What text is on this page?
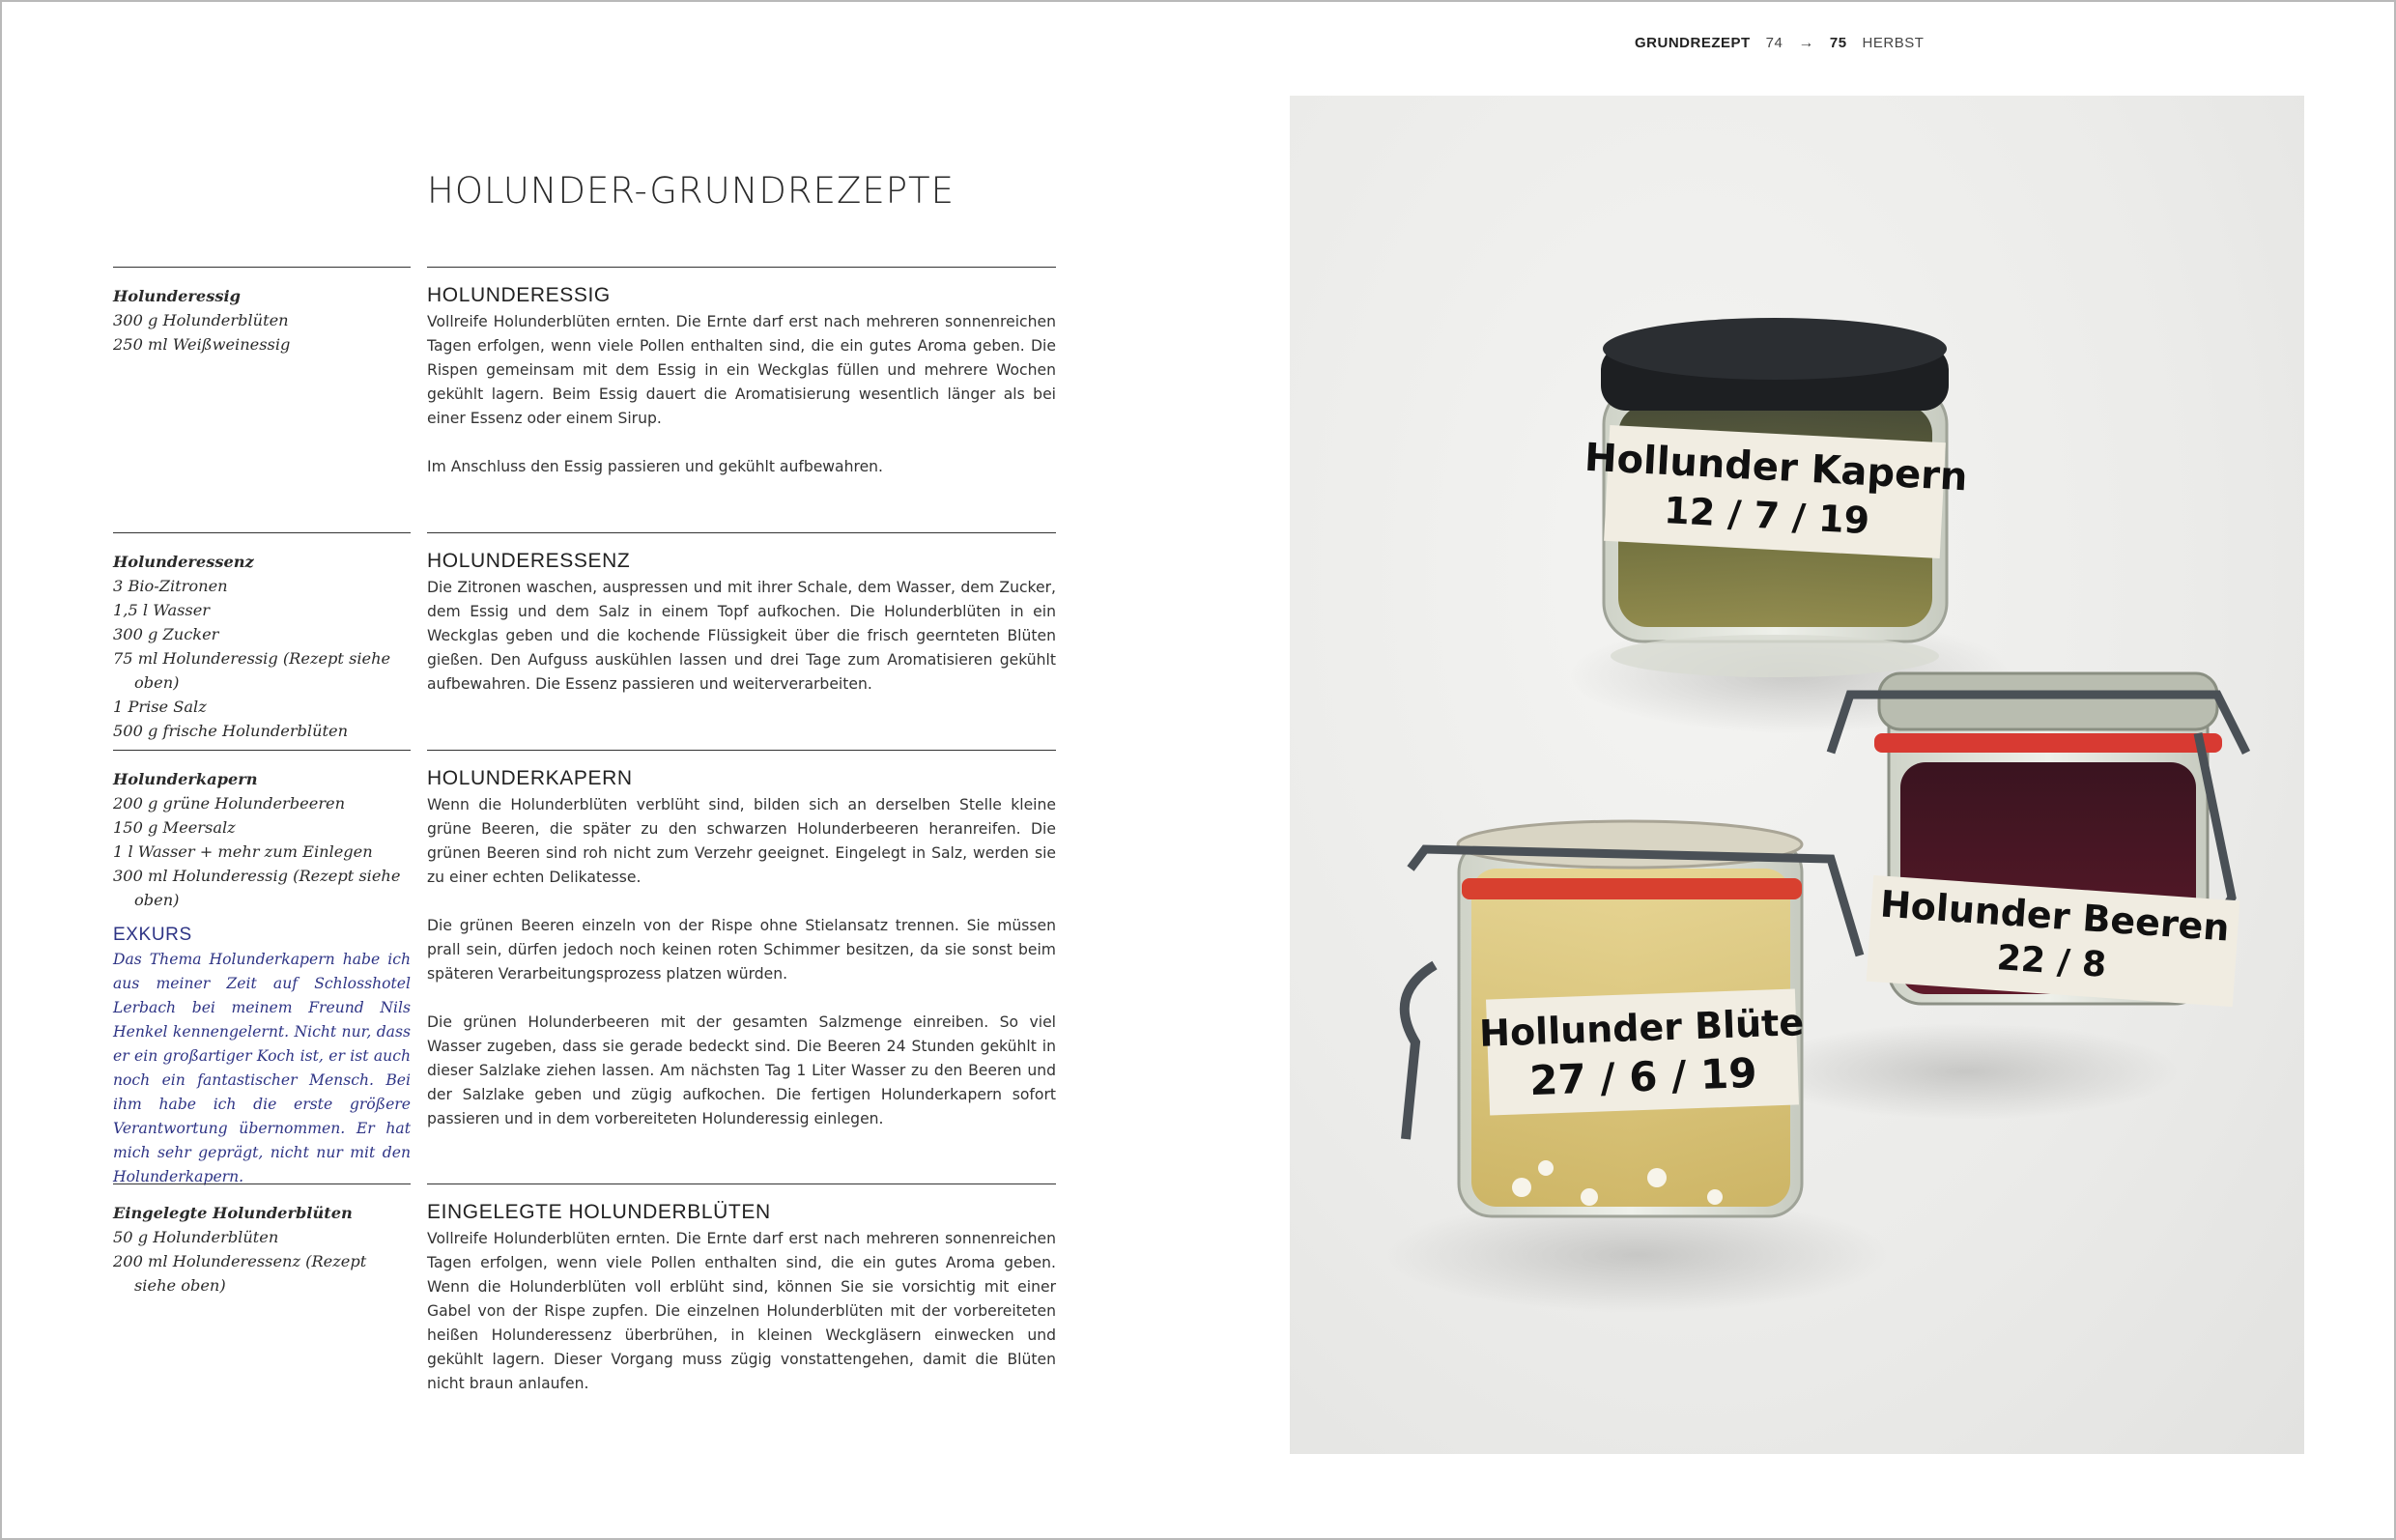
GRUNDREZEPT 74 → 75 HERBST
HOLUNDER-GRUNDREZEPTE
Holunderessig
300 g Holunderblüten
250 ml Weißweinessig
HOLUNDERESSIG

Vollreife Holunderblüten ernten. Die Ernte darf erst nach mehreren sonnenreichen Tagen erfolgen, wenn viele Pollen enthalten sind, die ein gutes Aroma geben. Die Rispen gemeinsam mit dem Essig in ein Weckglas füllen und mehrere Wochen gekühlt lagern. Beim Essig dauert die Aromatisierung wesentlich länger als bei einer Essenz oder einem Sirup.

Im Anschluss den Essig passieren und gekühlt aufbewahren.

Holunderessenz
3 Bio-Zitronen
1,5 l Wasser
300 g Zucker
75 ml Holunderessig (Rezept siehe oben)
1 Prise Salz
500 g frische Holunderblüten
HOLUNDERESSENZ

Die Zitronen waschen, auspressen und mit ihrer Schale, dem Wasser, dem Zucker, dem Essig und dem Salz in einem Topf aufkochen. Die Holunderblüten in ein Weckglas geben und die kochende Flüssigkeit über die frisch geernteten Blüten gießen. Den Aufguss auskühlen lassen und drei Tage zum Aromatisieren gekühlt aufbewahren. Die Essenz passieren und weiterverarbeiten.

Holunderkapern
200 g grüne Holunderbeeren
150 g Meersalz
1 l Wasser + mehr zum Einlegen
300 ml Holunderessig (Rezept siehe oben)
HOLUNDERKAPERN

Wenn die Holunderblüten verblüht sind, bilden sich an derselben Stelle kleine grüne Beeren, die später zu den schwarzen Holunderbeeren heranreifen. Die grünen Beeren sind roh nicht zum Verzehr geeignet. Eingelegt in Salz, werden sie zu einer echten Delikatesse.

Die grünen Beeren einzeln von der Rispe ohne Stielansatz trennen. Sie müssen prall sein, dürfen jedoch noch keinen roten Schimmer besitzen, da sie sonst beim späteren Verarbeitungsprozess platzen würden.

Die grünen Holunderbeeren mit der gesamten Salzmenge einreiben. So viel Wasser zugeben, dass sie gerade bedeckt sind. Die Beeren 24 Stunden gekühlt in dieser Salzlake ziehen lassen. Am nächsten Tag 1 Liter Wasser zu den Beeren und der Salzlake geben und zügig aufkochen. Die fertigen Holunderkapern sofort passieren und in dem vorbereiteten Holunderessig einlegen.

EXKURS
Das Thema Holunderkapern habe ich aus meiner Zeit auf Schlosshotel Lerbach bei meinem Freund Nils Henkel kennengelernt. Nicht nur, dass er ein großartiger Koch ist, er ist auch noch ein fantastischer Mensch. Bei ihm habe ich die erste größere Verantwortung übernommen. Er hat mich sehr geprägt, nicht nur mit den Holunderkapern.
Eingelegte Holunderblüten
50 g Holunderblüten
200 ml Holunderessenz (Rezept siehe oben)
EINGELEGTE HOLUNDERBLÜTEN

Vollreife Holunderblüten ernten. Die Ernte darf erst nach mehreren sonnenreichen Tagen erfolgen, wenn viele Pollen enthalten sind, die ein gutes Aroma geben. Wenn die Holunderblüten voll erblüht sind, können Sie sie vorsichtig mit einer Gabel von der Rispe zupfen. Die einzelnen Holunderblüten mit der vorbereiteten heißen Holunderessenz überbrühen, in kleinen Weckgläsern einwecken und gekühlt lagern. Dieser Vorgang muss zügig vonstattengehen, damit die Blüten nicht braun anlaufen.

Hollunder Kapern
12 / 7 / 19
Holunder Beeren
22 / 8
Hollunder Blüte
27 / 6 / 19
